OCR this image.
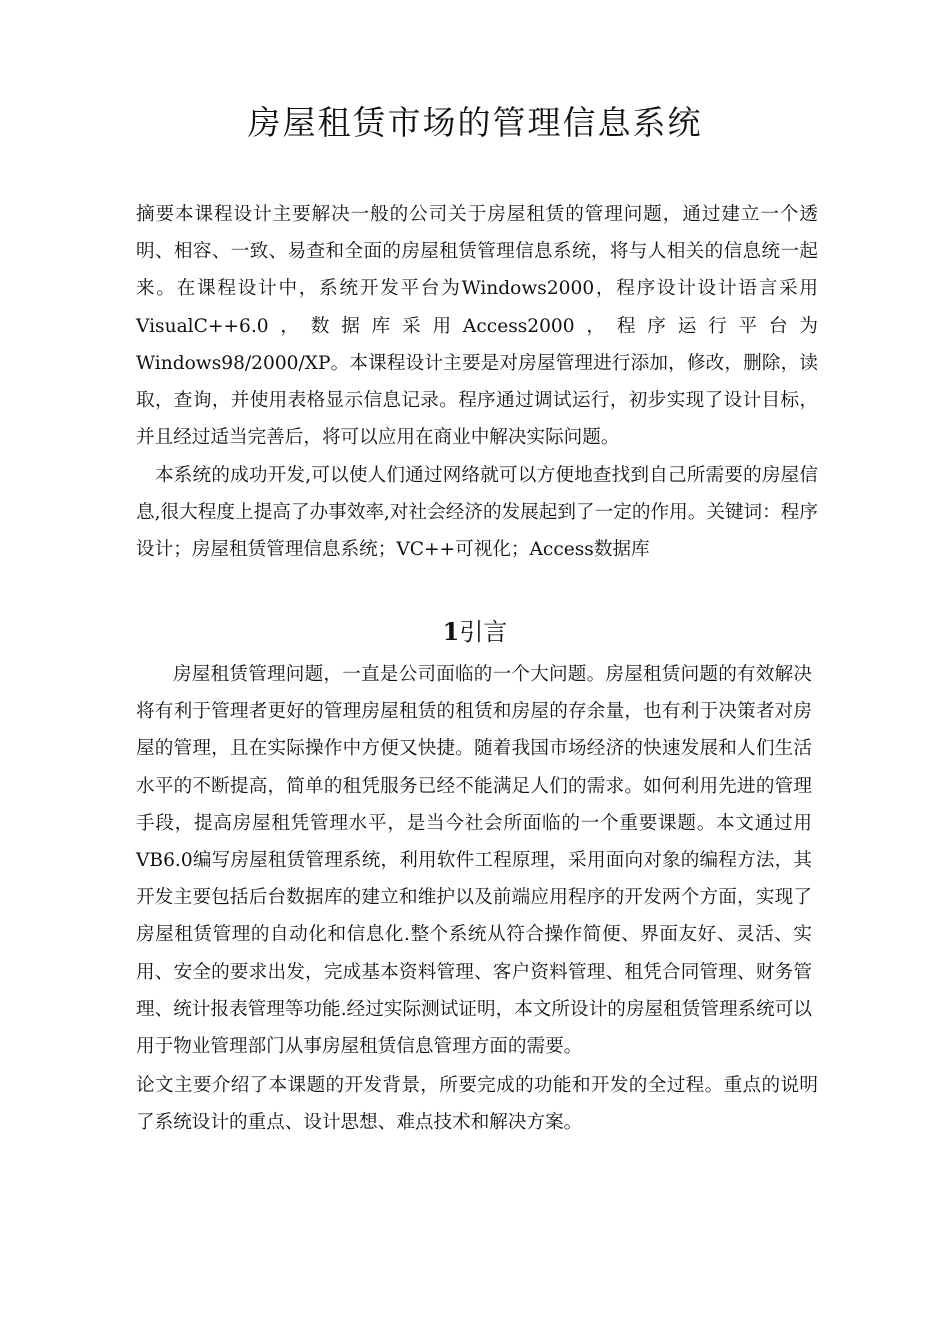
房屋租赁市场的管理信息系统

摘要本课程设计主要解决一般的公司关于房屋租赁的管理问题，通过建立一个透明、相容、一致、易查和全面的房屋租赁管理信息系统，将与人相关的信息统一起来。在课程设计中，系统开发平台为Windows2000，程序设计设计语言采用VisualC++6.0，数据库采用Access2000，程序运行平台为Windows98/2000/XP。本课程设计主要是对房屋管理进行添加，修改，删除，读取，查询，并使用表格显示信息记录。程序通过调试运行，初步实现了设计目标，并且经过适当完善后，将可以应用在商业中解决实际问题。

本系统的成功开发,可以使人们通过网络就可以方便地查找到自己所需要的房屋信息,很大程度上提高了办事效率,对社会经济的发展起到了一定的作用。关键词：程序设计；房屋租赁管理信息系统；VC++可视化；Access数据库

1引言

房屋租赁管理问题，一直是公司面临的一个大问题。房屋租赁问题的有效解决将有利于管理者更好的管理房屋租赁的租赁和房屋的存余量，也有利于决策者对房屋的管理，且在实际操作中方便又快捷。随着我国市场经济的快速发展和人们生活水平的不断提高，简单的租凭服务已经不能满足人们的需求。如何利用先进的管理手段，提高房屋租凭管理水平，是当今社会所面临的一个重要课题。本文通过用VB6.0编写房屋租赁管理系统，利用软件工程原理，采用面向对象的编程方法，其开发主要包括后台数据库的建立和维护以及前端应用程序的开发两个方面，实现了房屋租赁管理的自动化和信息化.整个系统从符合操作简便、界面友好、灵活、实用、安全的要求出发，完成基本资料管理、客户资料管理、租凭合同管理、财务管理、统计报表管理等功能.经过实际测试证明，本文所设计的房屋租赁管理系统可以用于物业管理部门从事房屋租赁信息管理方面的需要。

论文主要介绍了本课题的开发背景，所要完成的功能和开发的全过程。重点的说明了系统设计的重点、设计思想、难点技术和解决方案。
